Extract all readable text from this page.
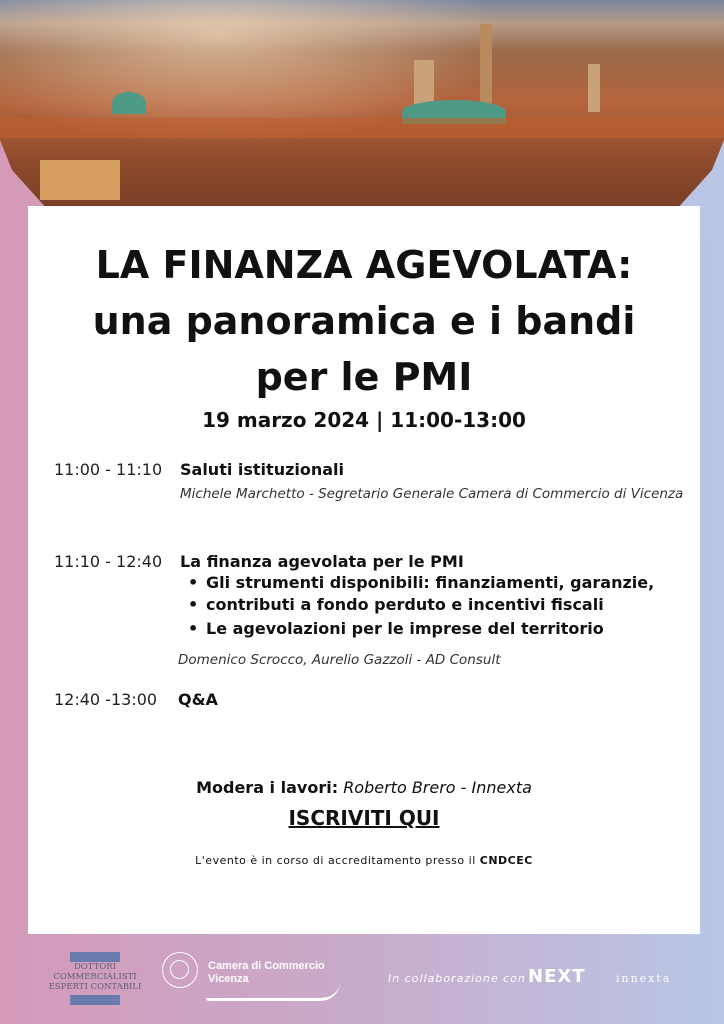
LA FINANZA AGEVOLATA:
una panoramica e i bandi
per le PMI
19 marzo 2024 | 11:00-13:00
11:00 - 11:10 Saluti istituzionali
Michele Marchetto - Segretario Generale Camera di Commercio di Vicenza
11:10 - 12:40 La finanza agevolata per le PMI
• Gli strumenti disponibili: finanziamenti, garanzie,
• contributi a fondo perduto e incentivi fiscali
• Le agevolazioni per le imprese del territorio
Domenico Scrocco, Aurelio Gazzoli - AD Consult
12:40 -13:00 Q&A
Modera i lavori: Roberto Brero - Innexta
ISCRIVITI QUI
L'evento è in corso di accreditamento presso il CNDCEC
DOTTORI COMMERCIALISTI
ESPERTI CONTABILI
Camera di Commercio
Vicenza	In collaborazione con NEXT	innexta
